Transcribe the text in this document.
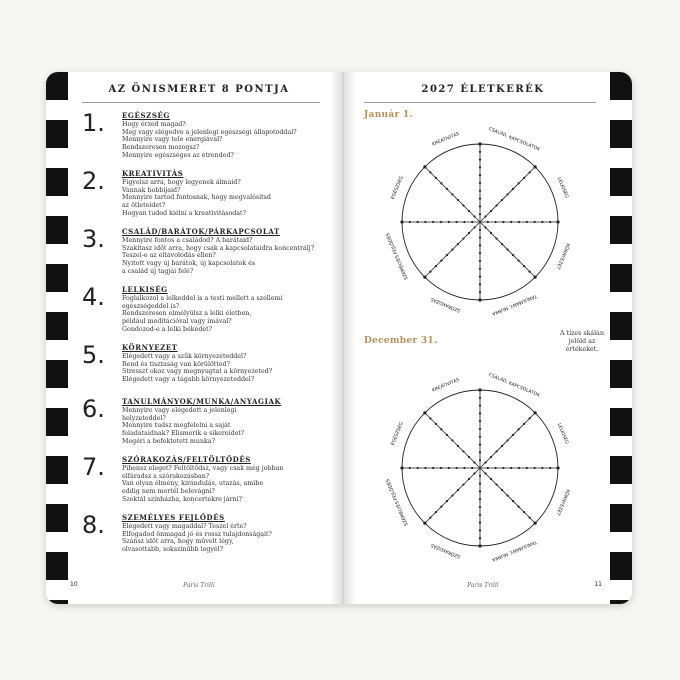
AZ ÖNISMERET 8 PONTJA
1.	EGÉSZSÉG
Hogy érzed magad?
Meg vagy elégedve a jelenlegi egészségi állapotoddal?
Mennyire vagy tele energiával?
Rendszeresen mozogsz?
Mennyire egészséges az étrended?
2.	KREATIVITÁS
Figyelsz arra, hogy legyenek álmaid?
Vannak hobbijaid?
Mennyire tartod fontosnak, hogy megvalósítsd
az ötleteidet?
Hogyan tudod kiélni a kreativitásodat?
3.	CSALÁD/BARÁTOK/PÁRKAPCSOLAT
Mennyire fontos a családod? A barátaid?
Szakítasz időt arra, hogy csak a kapcsolataidra koncentrálj?
Teszel-e az eltávolodás ellen?
Nyitott vagy új barátok, új kapcsolatok és
a család új tagjai felé?
4.	LELKISÉG
Foglalkozol a lelkeddel is a testi mellett a szellemi
egészségeddel is?
Rendszeresen elmélyülsz a lelki életben,
például meditációval vagy imával?
Gondozod-e a lelki békédet?
5.	KÖRNYEZET
Elégedett vagy a szűk környezeteddel?
Rend és tisztaság van körülötted?
Stresszt okoz vagy megnyugtat a környezeted?
Elégedett vagy a tágabb környezeteddel?
6.	TANULMÁNYOK/MUNKA/ANYAGIAK
Mennyire vagy elégedett a jelenlegi
helyzeteddel?
Mennyire tudsz megfelelni a saját
feladataidnak? Elismerik a sikereidet?
Megéri a befektetett munka?
7.	SZÓRAKOZÁS/FELTÖLTŐDÉS
Pihensz eleget? Feltöltődsz, vagy csak még jobban
elfáradsz a szórakozásban?
Van olyan élmény, kirándulás, utazás, amibe
eddig nem mertél belevágni?
Szoktál színházba, koncertekre járni?
8.	SZEMÉLYES FEJLŐDÉS
Elégedett vagy magaddal? Teszel érte?
Elfogadod önmagad jó és rossz tulajdonságait?
Szánsz időt arra, hogy művelt légy,
olvasottabb, sokszínűbb legyél?
10	Paris Trilli
2027 ÉLETKERÉK
Január 1.
December 31.
A tízes skálán jelöld az értékeket.
CSALÁD, KAPCSOLATOK
LELKISÉG
KÖRNYEZET
TANULMÁNY, MUNKA
SZÓRAKOZÁS
SZEMÉLYES FEJLŐDÉS
EGÉSZSÉG
KREATIVITÁS
CSALÁD, KAPCSOLATOK
LELKISÉG
KÖRNYEZET
TANULMÁNY, MUNKA
SZÓRAKOZÁS
SZEMÉLYES FEJLŐDÉS
EGÉSZSÉG
KREATIVITÁS
11
Paris Trilli
